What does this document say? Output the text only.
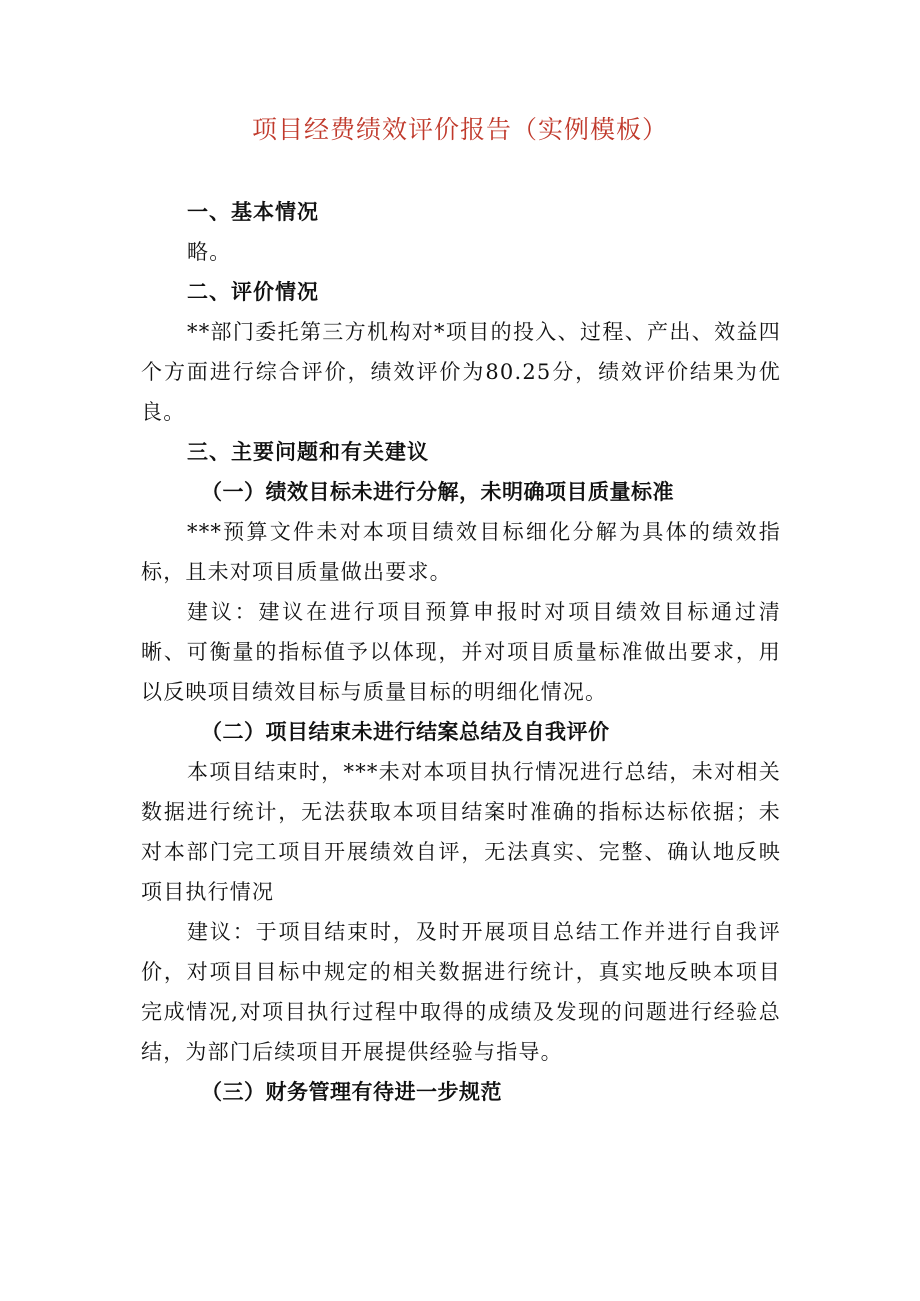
项目经费绩效评价报告（实例模板）

一、基本情况

略。

二、评价情况

**部门委托第三方机构对*项目的投入、过程、产出、效益四个方面进行综合评价，绩效评价为80.25分，绩效评价结果为优良。

三、主要问题和有关建议

（一）绩效目标未进行分解，未明确项目质量标准

***预算文件未对本项目绩效目标细化分解为具体的绩效指标，且未对项目质量做出要求。

建议：建议在进行项目预算申报时对项目绩效目标通过清晰、可衡量的指标值予以体现，并对项目质量标准做出要求，用以反映项目绩效目标与质量目标的明细化情况。

（二）项目结束未进行结案总结及自我评价

本项目结束时，***未对本项目执行情况进行总结，未对相关数据进行统计，无法获取本项目结案时准确的指标达标依据；未对本部门完工项目开展绩效自评，无法真实、完整、确认地反映项目执行情况

建议：于项目结束时，及时开展项目总结工作并进行自我评价，对项目目标中规定的相关数据进行统计，真实地反映本项目完成情况,对项目执行过程中取得的成绩及发现的问题进行经验总结，为部门后续项目开展提供经验与指导。

（三）财务管理有待进一步规范
